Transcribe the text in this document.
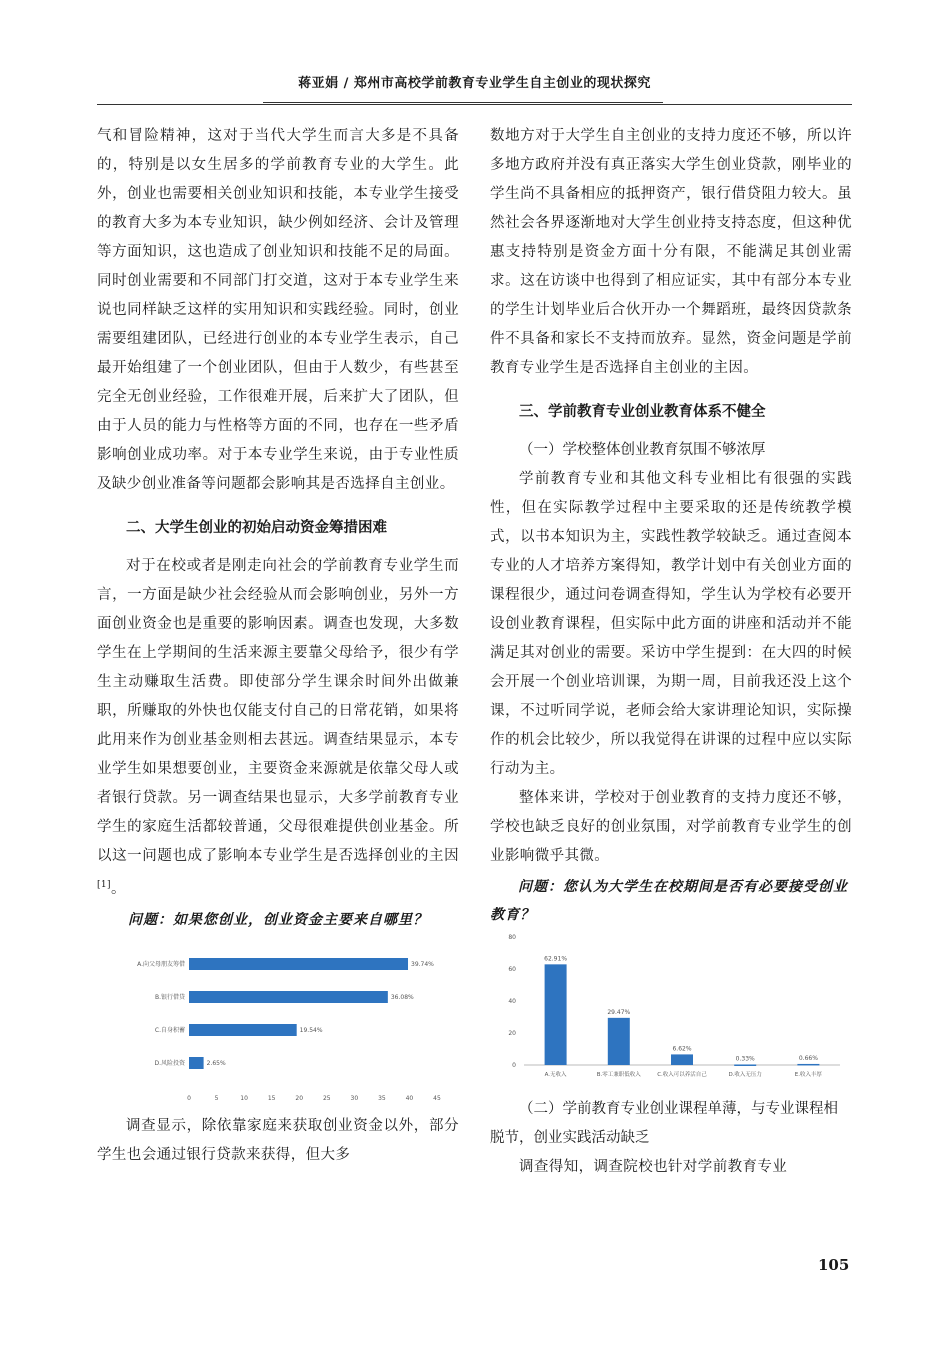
蒋亚娟 / 郑州市高校学前教育专业学生自主创业的现状探究

气和冒险精神，这对于当代大学生而言大多是不具备的，特别是以女生居多的学前教育专业的大学生。此外，创业也需要相关创业知识和技能，本专业学生接受的教育大多为本专业知识，缺少例如经济、会计及管理等方面知识，这也造成了创业知识和技能不足的局面。同时创业需要和不同部门打交道，这对于本专业学生来说也同样缺乏这样的实用知识和实践经验。同时，创业需要组建团队，已经进行创业的本专业学生表示，自己最开始组建了一个创业团队，但由于人数少，有些甚至完全无创业经验，工作很难开展，后来扩大了团队，但由于人员的能力与性格等方面的不同，也存在一些矛盾影响创业成功率。对于本专业学生来说，由于专业性质及缺少创业准备等问题都会影响其是否选择自主创业。

二、大学生创业的初始启动资金筹措困难

对于在校或者是刚走向社会的学前教育专业学生而言，一方面是缺少社会经验从而会影响创业，另外一方面创业资金也是重要的影响因素。调查也发现，大多数学生在上学期间的生活来源主要靠父母给予，很少有学生主动赚取生活费。即使部分学生课余时间外出做兼职，所赚取的外快也仅能支付自己的日常花销，如果将此用来作为创业基金则相去甚远。调查结果显示，本专业学生如果想要创业，主要资金来源就是依靠父母人或者银行贷款。另一调查结果也显示，大多学前教育专业学生的家庭生活都较普通，父母很难提供创业基金。所以这一问题也成了影响本专业学生是否选择创业的主因[1]。

问题：如果您创业，创业资金主要来自哪里？

A.向父母朋友筹借	39.74%
B.银行借贷	36.08%
C.自身积蓄	19.54%
D.风险投资	2.65%
0	5	10	15	20	25	30	35	40	45

调查显示，除依靠家庭来获取创业资金以外，部分学生也会通过银行贷款来获得，但大多

数地方对于大学生自主创业的支持力度还不够，所以许多地方政府并没有真正落实大学生创业贷款，刚毕业的学生尚不具备相应的抵押资产，银行借贷阻力较大。虽然社会各界逐渐地对大学生创业持支持态度，但这种优惠支持特别是资金方面十分有限，不能满足其创业需求。这在访谈中也得到了相应证实，其中有部分本专业的学生计划毕业后合伙开办一个舞蹈班，最终因贷款条件不具备和家长不支持而放弃。显然，资金问题是学前教育专业学生是否选择自主创业的主因。

三、学前教育专业创业教育体系不健全

（一）学校整体创业教育氛围不够浓厚

学前教育专业和其他文科专业相比有很强的实践性，但在实际教学过程中主要采取的还是传统教学模式，以书本知识为主，实践性教学较缺乏。通过查阅本专业的人才培养方案得知，教学计划中有关创业方面的课程很少，通过问卷调查得知，学生认为学校有必要开设创业教育课程，但实际中此方面的讲座和活动并不能满足其对创业的需要。采访中学生提到：在大四的时候会开展一个创业培训课，为期一周，目前我还没上这个课，不过听同学说，老师会给大家讲理论知识，实际操作的机会比较少，所以我觉得在讲课的过程中应以实际行动为主。

整体来讲，学校对于创业教育的支持力度还不够，学校也缺乏良好的创业氛围，对学前教育专业学生的创业影响微乎其微。

问题：您认为大学生在校期间是否有必要接受创业教育？

0
20
40
60
80
62.91%
A.无收入
29.47%
B.零工兼职低收入
6.62%
C.收入可以养活自己
0.33%
D.收入无压力
0.66%
E.收入丰厚

（二）学前教育专业创业课程单薄，与专业课程相脱节，创业实践活动缺乏

调查得知，调查院校也针对学前教育专业

105
